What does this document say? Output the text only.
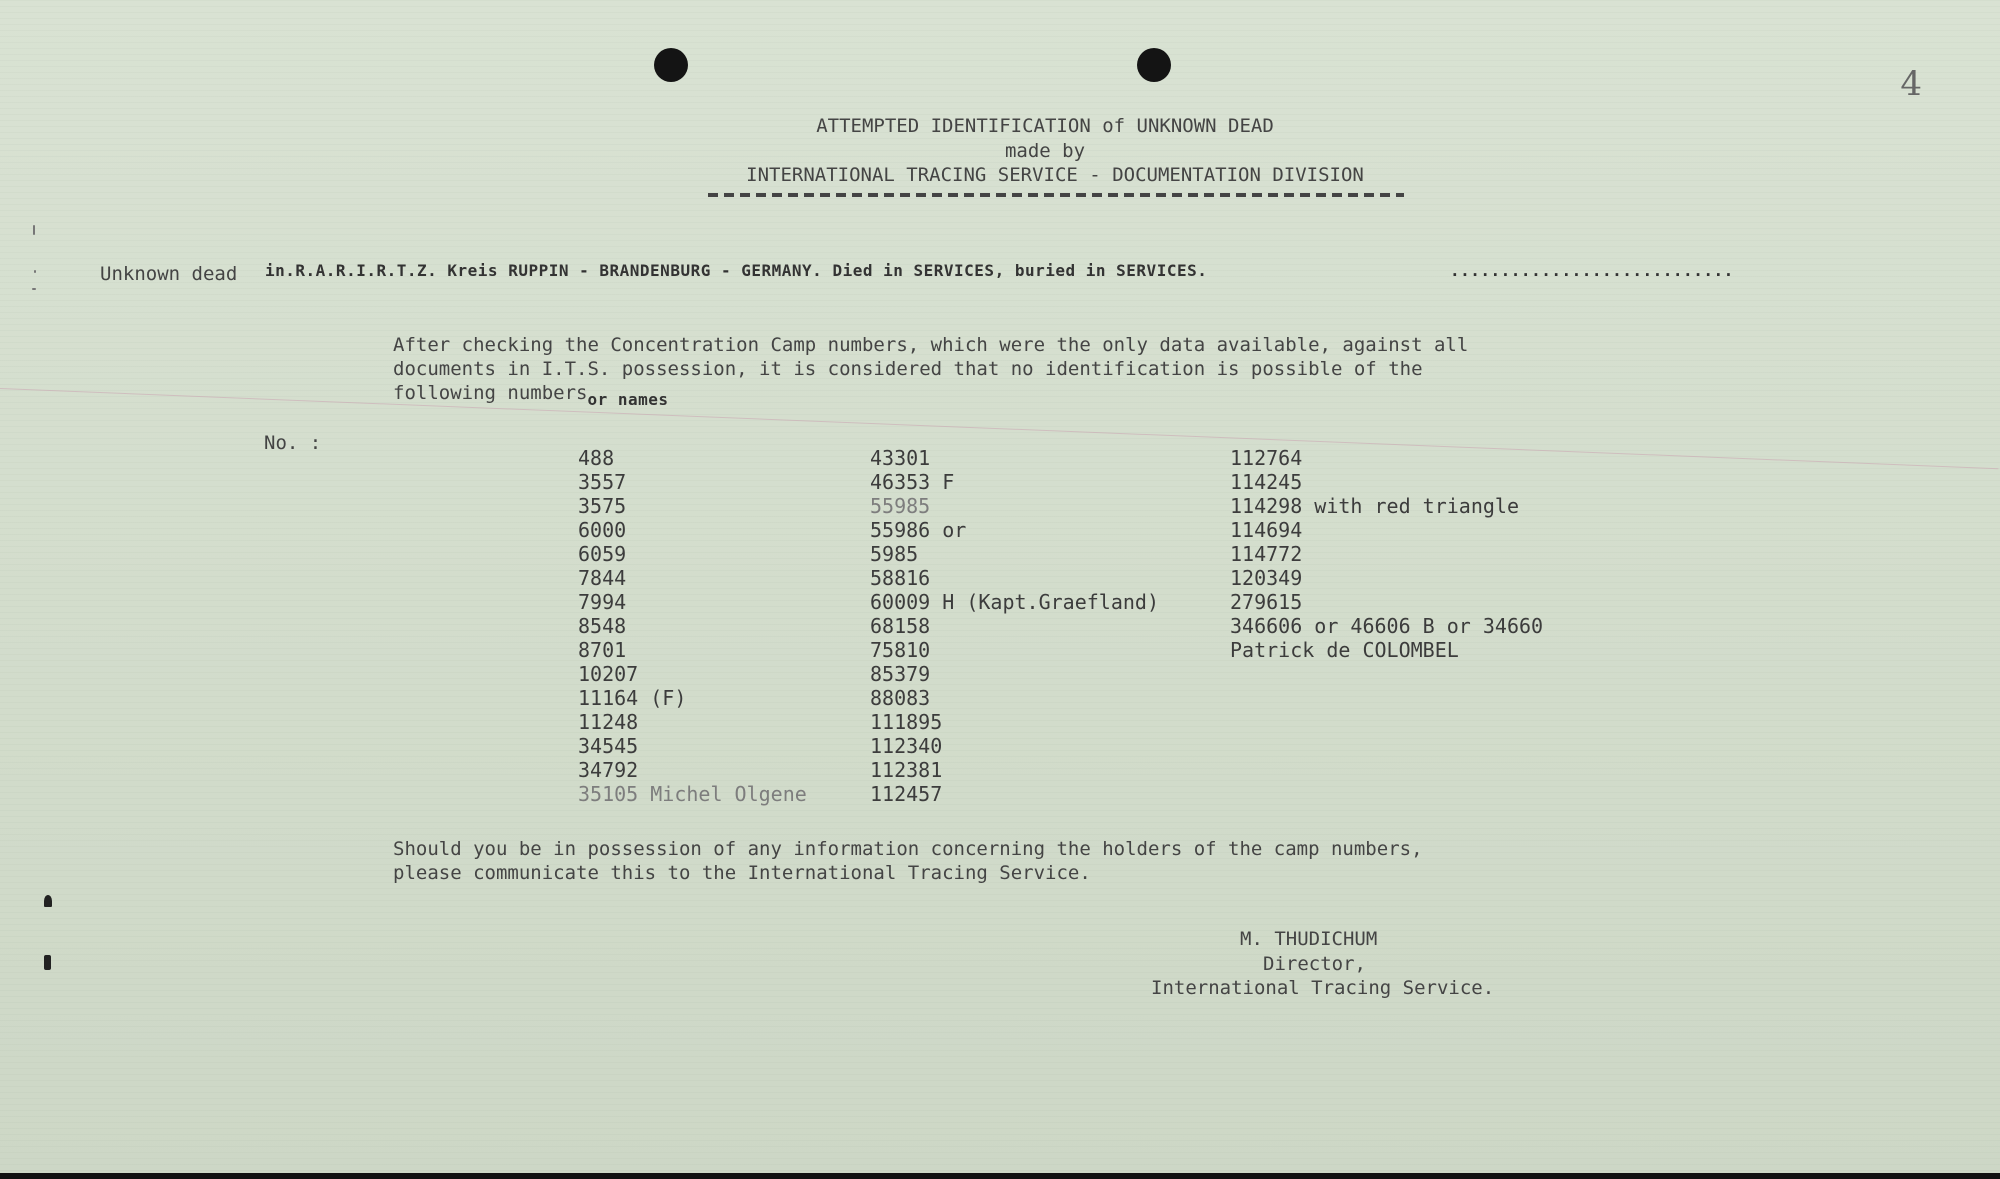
4
ATTEMPTED IDENTIFICATION of UNKNOWN DEAD
made by
INTERNATIONAL TRACING SERVICE - DOCUMENTATION DIVISION
Unknown dead in.R.A.R.I.R.T.Z. Kreis RUPPIN - BRANDENBURG - GERMANY. Died in SERVICES, buried in SERVICES.	............................
After checking the Concentration Camp numbers, which were the only data available, against all
documents in I.T.S. possession, it is considered that no identification is possible of the
following numbers$_{or names}$
No. :
488
3557
3575
6000
6059
7844
7994
8548
8701
10207
11164 (F)
11248
34545
34792
35105 Michel Olgene
43301
46353 F
55985
55986 or
5985
58816
60009 H (Kapt.Graefland)
68158
75810
85379
88083
111895
112340
112381
112457
112764
114245
114298 with red triangle
114694
114772
120349
279615
346606 or 46606 B or 34660
Patrick de COLOMBEL
Should you be in possession of any information concerning the holders of the camp numbers,
please communicate this to the International Tracing Service.
M. THUDICHUM
Director,
International Tracing Service.
